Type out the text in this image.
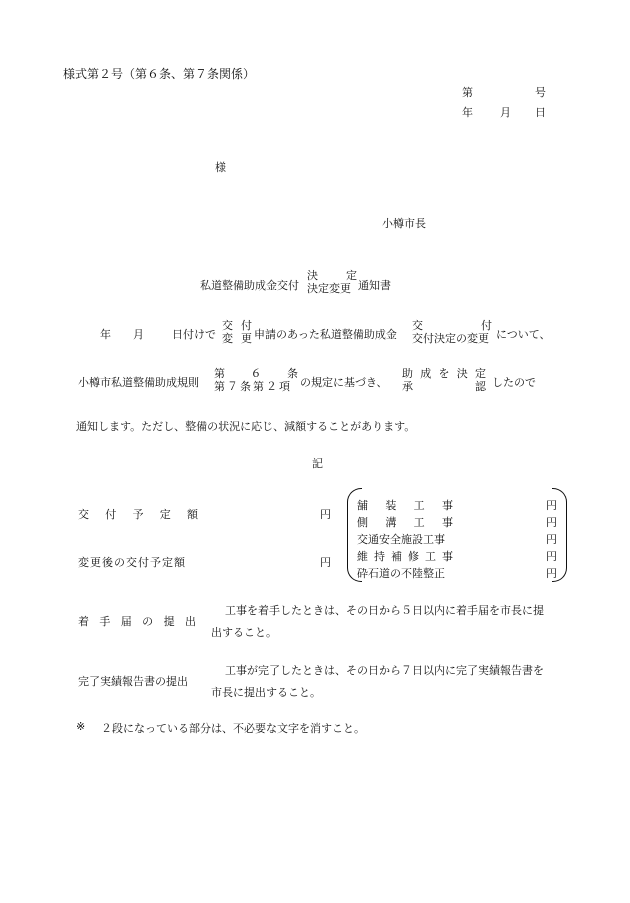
様式第２号（第６条、第７条関係）
第	号
年 月 日
様
小樽市長
私道整備助成金交付
決	定
決定変更 通知書
年 月	日付けで
交 付
変 更 申請のあった私道整備助成金
交	付
交付決定の変更 について、
小樽市私道整備助成規則
第 ６ 条
第７条第２項 の規定に基づき、
助 成 を 決 定
承	認 したので
通知します。ただし、整備の状況に応じ、減額することがあります。
記
交 付 予 定 額	円
変更後の交付予定額	円
舗 装 工 事	円
側 溝 工 事	円
交通安全施設工事	円
維 持 補 修 工 事	円
砕石道の不陸整正	円
着 手 届 の 提 出
工事を着手したときは、その日から５日以内に着手届を市長に提
出すること。
完了実績報告書の提出
工事が完了したときは、その日から７日以内に完了実績報告書を
市長に提出すること。
※ ２段になっている部分は、不必要な文字を消すこと。
